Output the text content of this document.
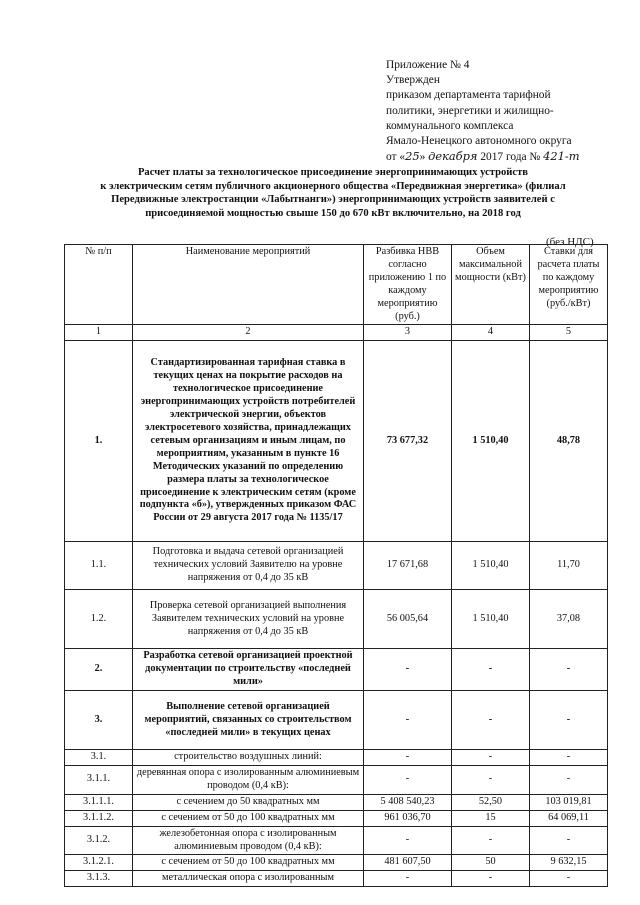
Приложение № 4
Утвержден
приказом департамента тарифной
политики, энергетики и жилищно-
коммунального комплекса
Ямало-Ненецкого автономного округа
от «25» декабря 2017 года № 421-т
Расчет платы за технологическое присоединение энергопринимающих устройств
к электрическим сетям публичного акционерного общества «Передвижная энергетика» (филиал
Передвижные электростанции «Лабытнанги») энергопринимающих устройств заявителей с
присоединяемой мощностью свыше 150 до 670 кВт включительно, на 2018 год
(без НДС)
№ п/п	Наименование мероприятий	Разбивка НВВ согласно приложению 1 по каждому мероприятию (руб.)	Объем максимальной мощности (кВт)	Ставки для расчета платы по каждому мероприятию (руб./кВт)
1	2	3	4	5
1.	Стандартизированная тарифная ставка в текущих ценах на покрытие расходов на технологическое присоединение энергопринимающих устройств потребителей электрической энергии, объектов электросетевого хозяйства, принадлежащих сетевым организациям и иным лицам, по мероприятиям, указанным в пункте 16 Методических указаний по определению размера платы за технологическое присоединение к электрическим сетям (кроме подпункта «б»), утвержденных приказом ФАС России от 29 августа 2017 года № 1135/17	73 677,32	1 510,40	48,78
1.1.	Подготовка и выдача сетевой организацией технических условий Заявителю на уровне напряжения от 0,4 до 35 кВ	17 671,68	1 510,40	11,70
1.2.	Проверка сетевой организацией выполнения Заявителем технических условий на уровне напряжения от 0,4 до 35 кВ	56 005,64	1 510,40	37,08
2.	Разработка сетевой организацией проектной документации по строительству «последней мили»	-	-	-
3.	Выполнение сетевой организацией мероприятий, связанных со строительством «последней мили» в текущих ценах	-	-	-
3.1.	строительство воздушных линий:	-	-	-
3.1.1.	деревянная опора с изолированным алюминиевым проводом (0,4 кВ):	-	-	-
3.1.1.1.	с сечением до 50 квадратных мм	5 408 540,23	52,50	103 019,81
3.1.1.2.	с сечением от 50 до 100 квадратных мм	961 036,70	15	64 069,11
3.1.2.	железобетонная опора с изолированным алюминиевым проводом (0,4 кВ):	-	-	-
3.1.2.1.	с сечением от 50 до 100 квадратных мм	481 607,50	50	9 632,15
3.1.3.	металлическая опора с изолированным	-	-	-
